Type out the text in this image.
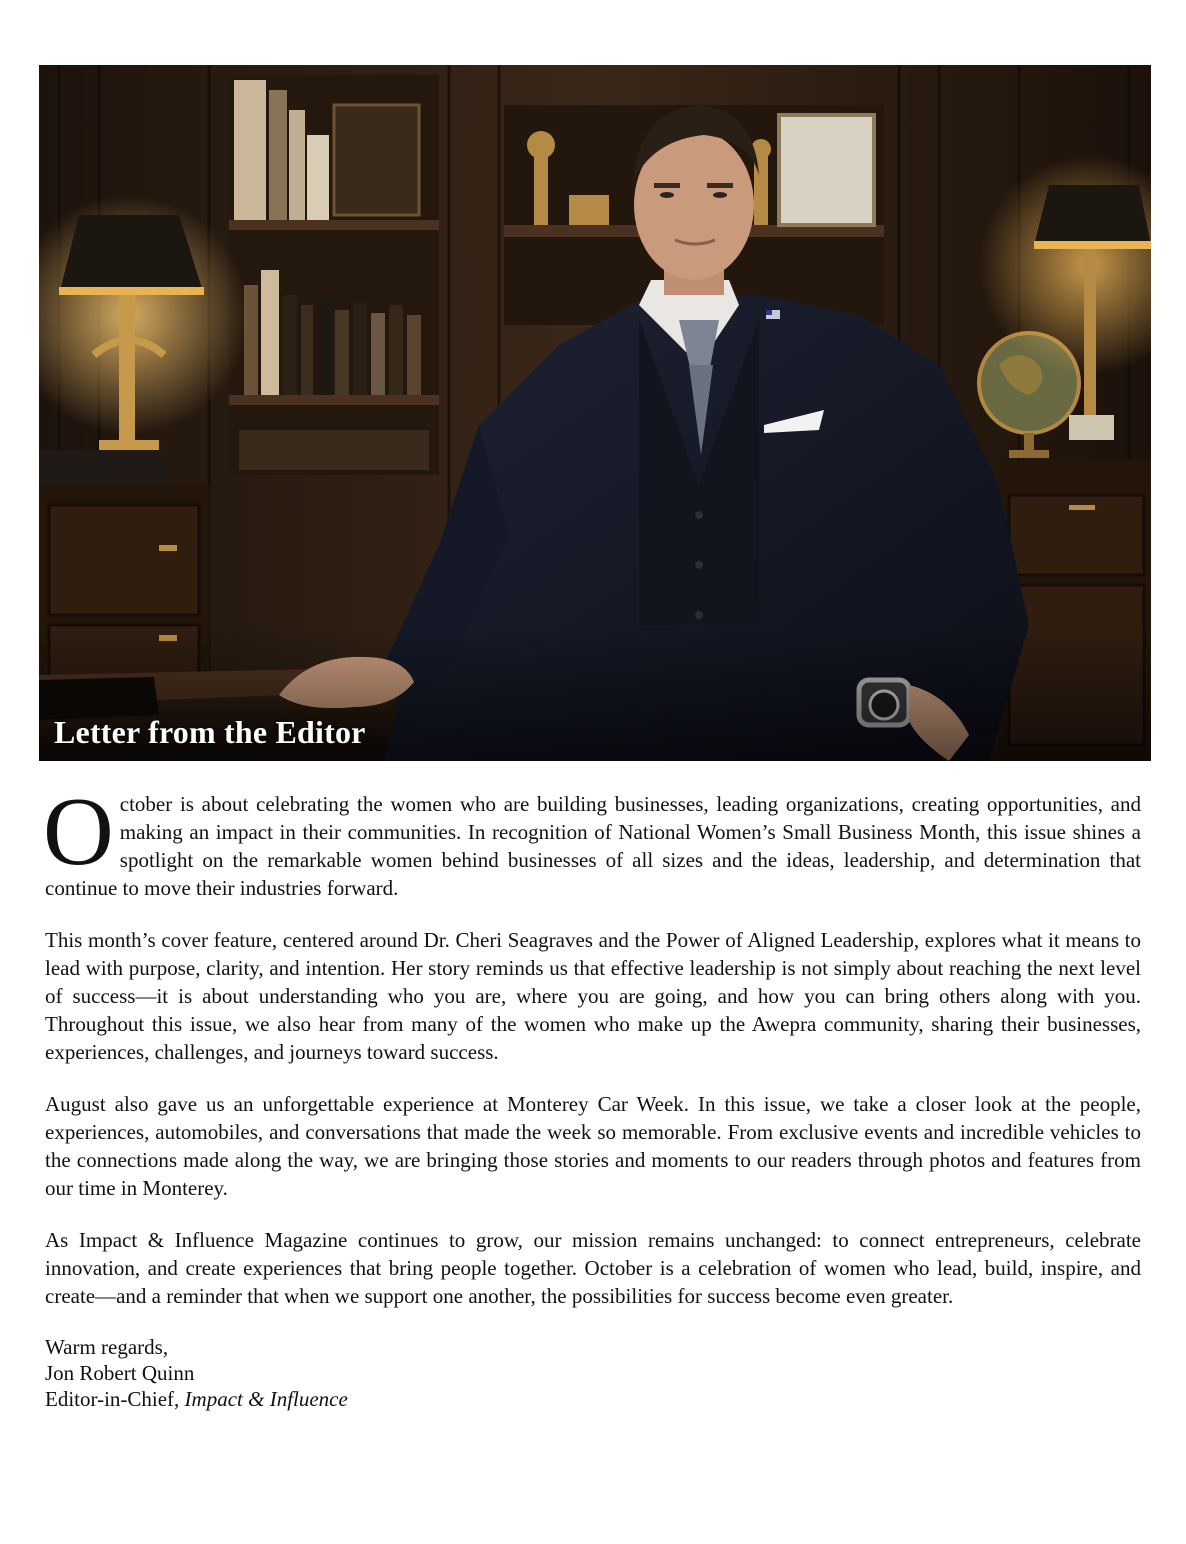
Letter from the Editor

October is about celebrating the women who are building businesses, leading organizations, creating opportunities, and making an impact in their communities. In recognition of National Women’s Small Business Month, this issue shines a spotlight on the remarkable women behind businesses of all sizes and the ideas, leadership, and determination that continue to move their industries forward.

This month’s cover feature, centered around Dr. Cheri Seagraves and the Power of Aligned Leadership, explores what it means to lead with purpose, clarity, and intention. Her story reminds us that effective leadership is not simply about reaching the next level of success—it is about understanding who you are, where you are going, and how you can bring others along with you. Throughout this issue, we also hear from many of the women who make up the Awepra community, sharing their businesses, experiences, challenges, and journeys toward success.

August also gave us an unforgettable experience at Monterey Car Week. In this issue, we take a closer look at the people, experiences, automobiles, and conversations that made the week so memorable. From exclusive events and incredible vehicles to the connections made along the way, we are bringing those stories and moments to our readers through photos and features from our time in Monterey.

As Impact & Influence Magazine continues to grow, our mission remains unchanged: to connect entrepreneurs, celebrate innovation, and create experiences that bring people together. October is a celebration of women who lead, build, inspire, and create—and a reminder that when we support one another, the possibilities for success become even greater.

Warm regards,
Jon Robert Quinn
Editor-in-Chief, Impact & Influence
